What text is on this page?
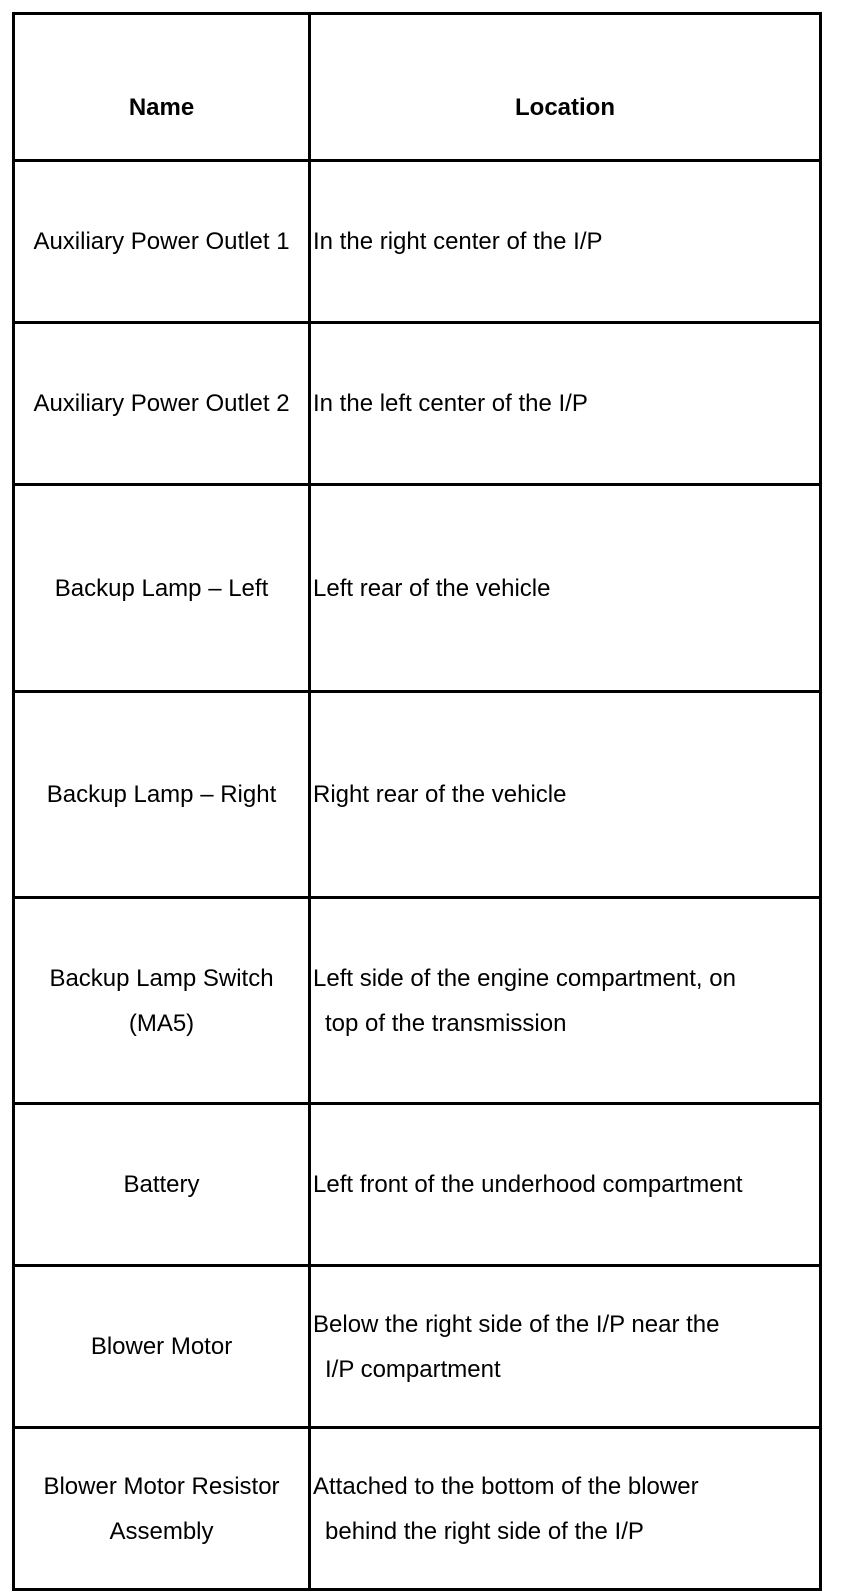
Name	Location
Auxiliary Power Outlet 1	In the right center of the I/P
Auxiliary Power Outlet 2	In the left center of the I/P
Backup Lamp – Left	Left rear of the vehicle
Backup Lamp – Right	Right rear of the vehicle

Backup Lamp Switch
(MA5)	Left side of the engine compartment, on
top of the transmission

Battery	Left front of the underhood compartment
Blower Motor	Below the right side of the I/P near the
I/P compartment

Blower Motor Resistor
Assembly	Attached to the bottom of the blower
behind the right side of the I/P
